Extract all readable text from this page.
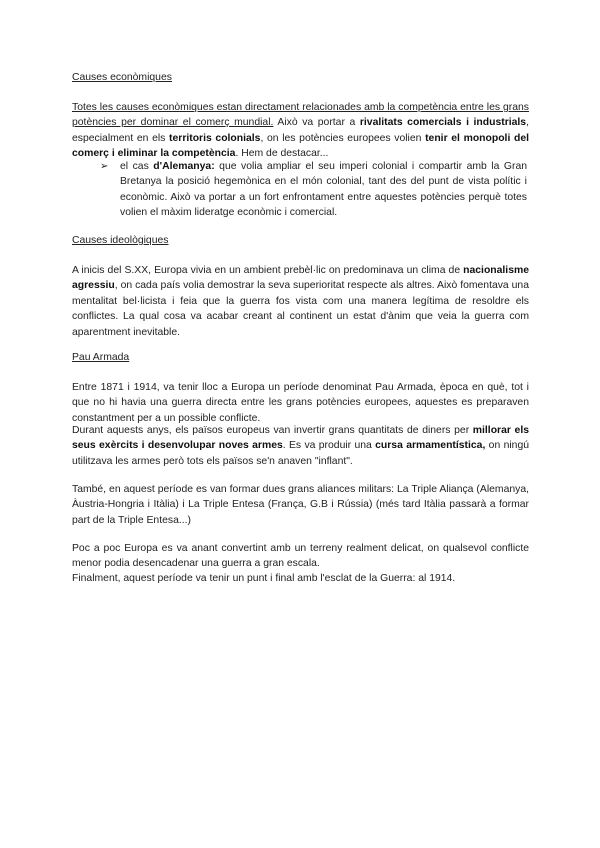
Causes econòmiques
Totes les causes econòmiques estan directament relacionades amb la competència entre les grans potències per dominar el comerç mundial. Això va portar a rivalitats comercials i industrials, especialment en els territoris colonials, on les potències europees volien tenir el monopoli del comerç i eliminar la competència. Hem de destacar...
➢ el cas d'Alemanya: que volia ampliar el seu imperi colonial i compartir amb la Gran Bretanya la posició hegemònica en el món colonial, tant des del punt de vista polític i econòmic. Això va portar a un fort enfrontament entre aquestes potències perquè totes volien el màxim lideratge econòmic i comercial.
Causes ideològiques
A inicis del S.XX, Europa vivia en un ambient prebèl·lic on predominava un clima de nacionalisme agressiu, on cada país volia demostrar la seva superioritat respecte als altres. Això fomentava una mentalitat bel·licista i feia que la guerra fos vista com una manera legítima de resoldre els conflictes. La qual cosa va acabar creant al continent un estat d'ànim que veia la guerra com aparentment inevitable.
Pau Armada
Entre 1871 i 1914, va tenir lloc a Europa un període denominat Pau Armada, època en què, tot i que no hi havia una guerra directa entre les grans potències europees, aquestes es preparaven constantment per a un possible conflicte.
Durant aquests anys, els països europeus van invertir grans quantitats de diners per millorar els seus exèrcits i desenvolupar noves armes. Es va produir una cursa armamentística, on ningú utilitzava les armes però tots els països se'n anaven "inflant".
També, en aquest període es van formar dues grans aliances militars: La Triple Aliança (Alemanya, Àustria-Hongria i Itàlia) i La Triple Entesa (França, G.B i Rússia) (més tard Itàlia passarà a formar part de la Triple Entesa...)
Poc a poc Europa es va anant convertint amb un terreny realment delicat, on qualsevol conflicte menor podia desencadenar una guerra a gran escala.
Finalment, aquest període va tenir un punt i final amb l'esclat de la Guerra: al 1914.
